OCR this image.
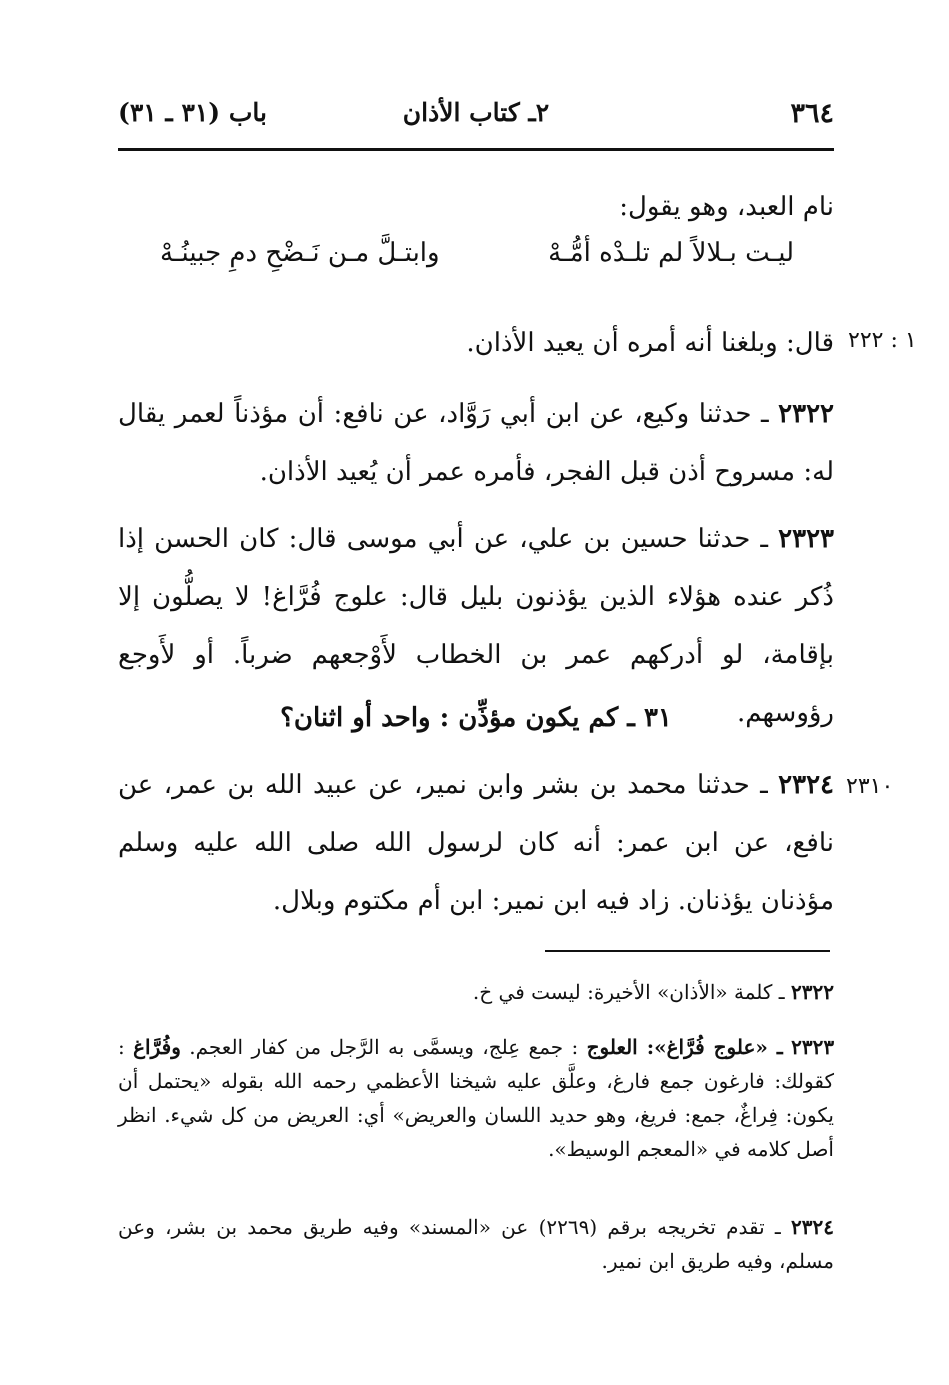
٣٦٤
٢ـ كتاب الأذان
باب (٣١ ـ ٣١)
نام العبد، وهو يقول:
ليـت بـلالاً لم تلـدْه أمُّـهْ
وابتـلَّ مـن نَـضْحِ دمِ جبينُـهْ
قال: وبلغنا أنه أمره أن يعيد الأذان. ١ : ٢٢٢
٢٣٢٢ ـ حدثنا وكيع، عن ابن أبي رَوَّاد، عن نافع: أن مؤذناً لعمر يقال له: مسروح أذن قبل الفجر، فأمره عمر أن يُعيد الأذان.
٢٣٢٣ ـ حدثنا حسين بن علي، عن أبي موسى قال: كان الحسن إذا ذُكر عنده هؤلاء الذين يؤذنون بليل قال: علوج فُرَّاغ! لا يصلُّون إلا بإقامة، لو أدركهم عمر بن الخطاب لأَوْجعهم ضرباً. أو لأَوجع رؤوسهم.
٣١ ـ كم يكون مؤذِّن : واحد أو اثنان؟
٢٣١٠
٢٣٢٤ ـ حدثنا محمد بن بشر وابن نمير، عن عبيد الله بن عمر، عن نافع، عن ابن عمر: أنه كان لرسول الله صلى الله عليه وسلم مؤذنان يؤذنان. زاد فيه ابن نمير: ابن أم مكتوم وبلال.
٢٣٢٢ ـ كلمة «الأذان» الأخيرة: ليست في خ.
٢٣٢٣ ـ «علوج فُرَّاغ»: العلوج : جمع عِلج، ويسمَّى به الرَّجل من كفار العجم. وفُرَّاغ : كقولك: فارغون جمع فارغ، وعلَّق عليه شيخنا الأعظمي رحمه الله بقوله «يحتمل أن يكون: فِراغٌ، جمع: فريغ، وهو حديد اللسان والعريض» أي: العريض من كل شيء. انظر أصل كلامه في «المعجم الوسيط».
٢٣٢٤ ـ تقدم تخريجه برقم (٢٢٦٩) عن «المسند» وفيه طريق محمد بن بشر، وعن مسلم، وفيه طريق ابن نمير.
